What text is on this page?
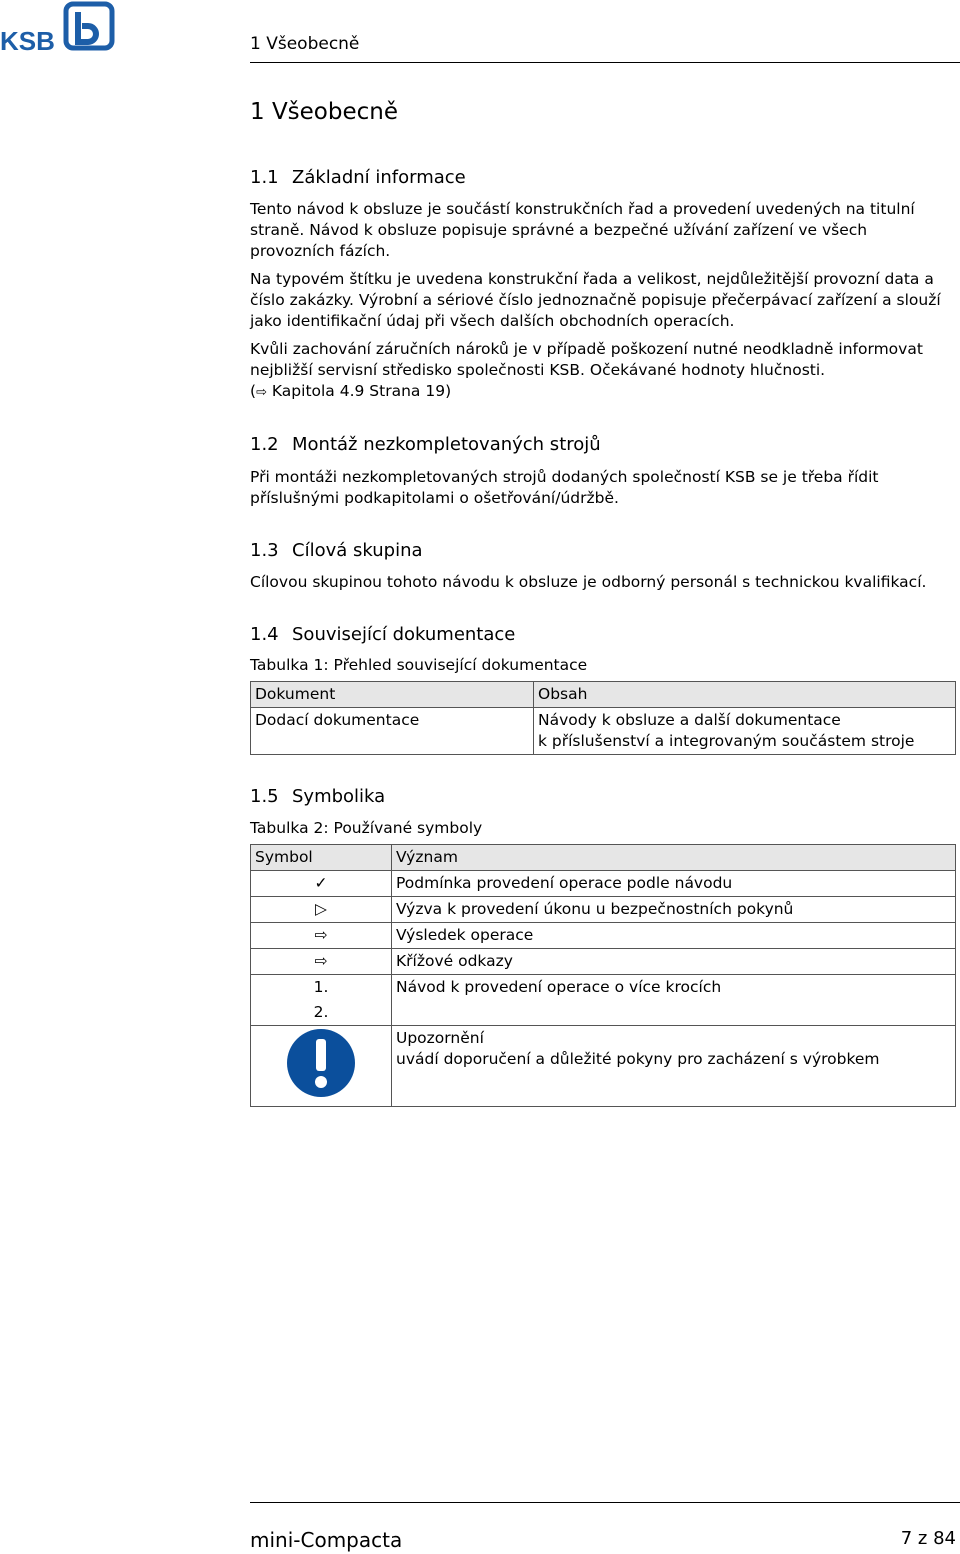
KSB	1 Všeobecně
1 Všeobecně
1.1 Základní informace

Tento návod k obsluze je součástí konstrukčních řad a provedení uvedených na titulní straně. Návod k obsluze popisuje správné a bezpečné užívání zařízení ve všech provozních fázích.

Na typovém štítku je uvedena konstrukční řada a velikost, nejdůležitější provozní data a číslo zakázky. Výrobní a sériové číslo jednoznačně popisuje přečerpávací zařízení a slouží jako identifikační údaj při všech dalších obchodních operacích.

Kvůli zachování záručních nároků je v případě poškození nutné neodkladně informovat nejbližší servisní středisko společnosti KSB. Očekávané hodnoty hlučnosti.
(⇨ Kapitola 4.9 Strana 19)

1.2 Montáž nezkompletovaných strojů

Při montáži nezkompletovaných strojů dodaných společností KSB se je třeba řídit příslušnými podkapitolami o ošetřování/údržbě.

1.3 Cílová skupina

Cílovou skupinou tohoto návodu k obsluze je odborný personál s technickou kvalifikací.

1.4 Související dokumentace
Tabulka 1: Přehled související dokumentace
Dokument	Obsah
Dodací dokumentace	Návody k obsluze a další dokumentace
k příslušenství a integrovaným součástem stroje
1.5 Symbolika
Tabulka 2: Používané symboly
Symbol	Význam
✓	Podmínka provedení operace podle návodu
▷	Výzva k provedení úkonu u bezpečnostních pokynů
⇨	Výsledek operace
⇨	Křížové odkazy
1.	Návod k provedení operace o více krocích
2.	
	Upozornění
uvádí doporučení a důležité pokyny pro zacházení s výrobkem
mini-Compacta	7 z 84
